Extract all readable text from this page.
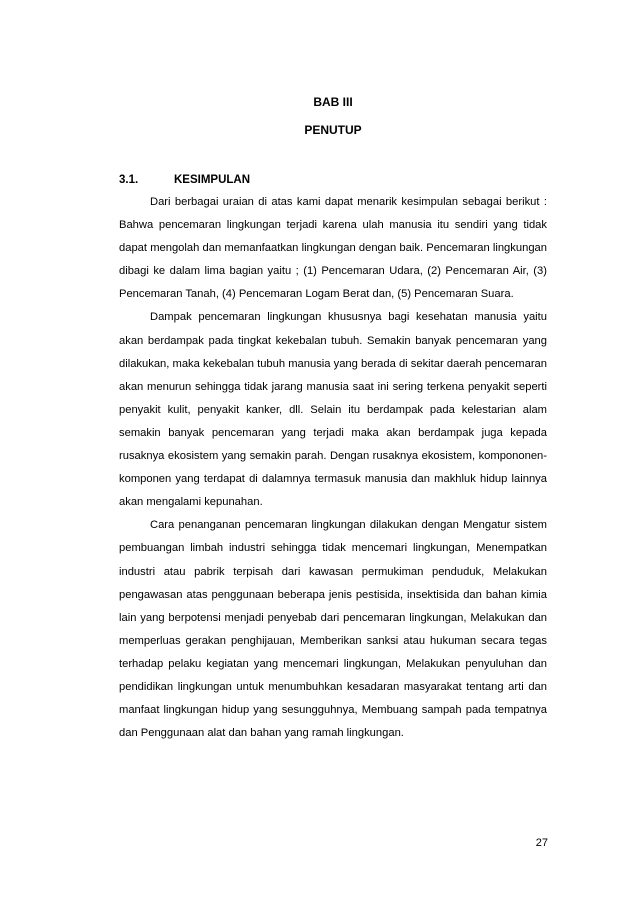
BAB III
PENUTUP
3.1.	KESIMPULAN

Dari berbagai uraian di atas kami dapat menarik kesimpulan sebagai berikut : Bahwa pencemaran lingkungan terjadi karena ulah manusia itu sendiri yang tidak dapat mengolah dan memanfaatkan lingkungan dengan baik. Pencemaran lingkungan dibagi ke dalam lima bagian yaitu ; (1) Pencemaran Udara, (2) Pencemaran Air, (3) Pencemaran Tanah, (4) Pencemaran Logam Berat dan, (5) Pencemaran Suara.

Dampak pencemaran lingkungan khususnya bagi kesehatan manusia yaitu akan berdampak pada tingkat kekebalan tubuh. Semakin banyak pencemaran yang dilakukan, maka kekebalan tubuh manusia yang berada di sekitar daerah pencemaran akan menurun sehingga tidak jarang manusia saat ini sering terkena penyakit seperti penyakit kulit, penyakit kanker, dll. Selain itu berdampak pada kelestarian alam semakin banyak pencemaran yang terjadi maka akan berdampak juga kepada rusaknya ekosistem yang semakin parah. Dengan rusaknya ekosistem, kompononen-komponen yang terdapat di dalamnya termasuk manusia dan makhluk hidup lainnya akan mengalami kepunahan.

Cara penanganan pencemaran lingkungan dilakukan dengan Mengatur sistem pembuangan limbah industri sehingga tidak mencemari lingkungan, Menempatkan industri atau pabrik terpisah dari kawasan permukiman penduduk, Melakukan pengawasan atas penggunaan beberapa jenis pestisida, insektisida dan bahan kimia lain yang berpotensi menjadi penyebab dari pencemaran lingkungan, Melakukan dan memperluas gerakan penghijauan, Memberikan sanksi atau hukuman secara tegas terhadap pelaku kegiatan yang mencemari lingkungan, Melakukan penyuluhan dan pendidikan lingkungan untuk menumbuhkan kesadaran masyarakat tentang arti dan manfaat lingkungan hidup yang sesungguhnya, Membuang sampah pada tempatnya dan Penggunaan alat dan bahan yang ramah lingkungan.

27
